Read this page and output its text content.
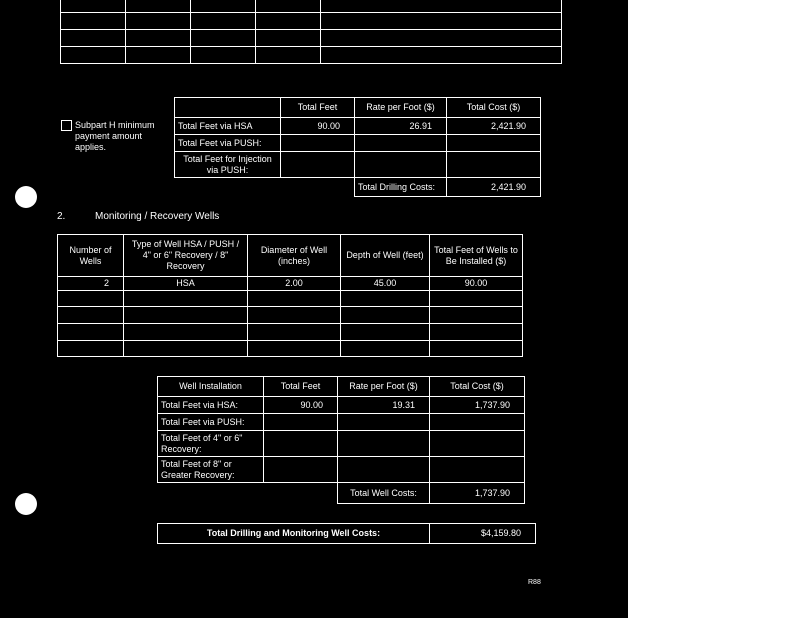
Subpart H minimum payment amount applies.
	Total Feet	Rate per Foot ($)	Total Cost ($)
Total Feet via HSA	90.00	26.91	2,421.90
Total Feet via PUSH:			
Total Feet for Injection via PUSH:			
		Total Drilling Costs:	2,421.90
2.	Monitoring / Recovery Wells
Number of Wells	Type of Well HSA / PUSH / 4" or 6" Recovery / 8" Recovery	Diameter of Well (inches)	Depth of Well (feet)	Total Feet of Wells to Be Installed ($)
2	HSA	2.00	45.00	90.00

Well Installation	Total Feet	Rate per Foot ($)	Total Cost ($)
Total Feet via HSA:	90.00	19.31	1,737.90
Total Feet via PUSH:			
Total Feet of 4" or 6" Recovery:			
Total Feet of 8" or Greater Recovery:			
		Total Well Costs:	1,737.90
Total Drilling and Monitoring Well Costs:	$4,159.80
R88
